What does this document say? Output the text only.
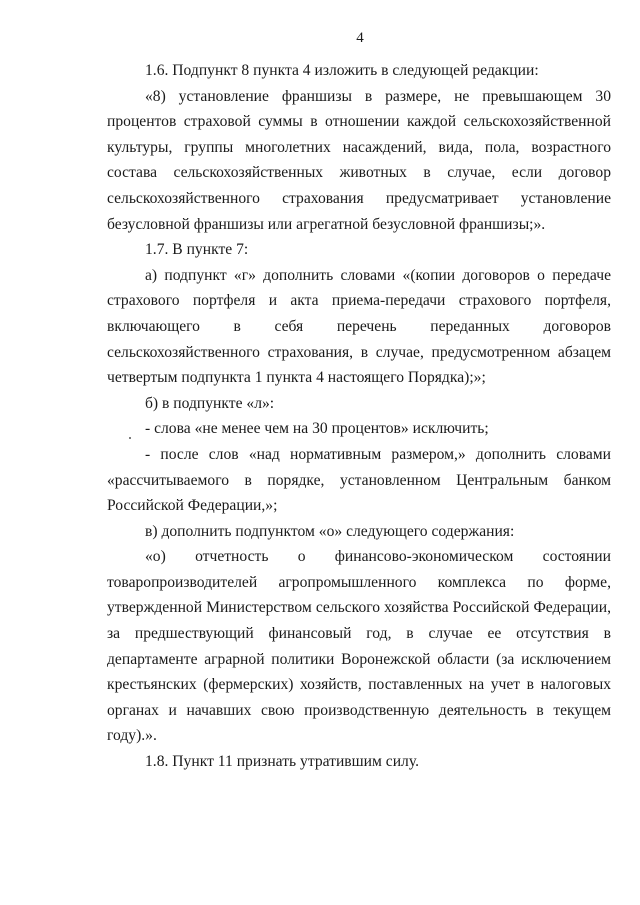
4

1.6. Подпункт 8 пункта 4 изложить в следующей редакции:

«8) установление франшизы в размере, не превышающем 30 процентов страховой суммы в отношении каждой сельскохозяйственной культуры, группы многолетних насаждений, вида, пола, возрастного состава сельскохозяйственных животных в случае, если договор сельскохозяйственного страхования предусматривает установление безусловной франшизы или агрегатной безусловной франшизы;».

1.7. В пункте 7:

а) подпункт «г» дополнить словами «(копии договоров о передаче страхового портфеля и акта приема-передачи страхового портфеля, включающего в себя перечень переданных договоров сельскохозяйственного страхования, в случае, предусмотренном абзацем четвертым подпункта 1 пункта 4 настоящего Порядка);»;

б) в подпункте «л»:

- слова «не менее чем на 30 процентов» исключить;

- после слов «над нормативным размером,» дополнить словами «рассчитываемого в порядке, установленном Центральным банком Российской Федерации,»;

в) дополнить подпунктом «о» следующего содержания:

«о) отчетность о финансово-экономическом состоянии товаропроизводителей агропромышленного комплекса по форме, утвержденной Министерством сельского хозяйства Российской Федерации, за предшествующий финансовый год, в случае ее отсутствия в департаменте аграрной политики Воронежской области (за исключением крестьянских (фермерских) хозяйств, поставленных на учет в налоговых органах и начавших свою производственную деятельность в текущем году).».

1.8. Пункт 11 признать утратившим силу.
